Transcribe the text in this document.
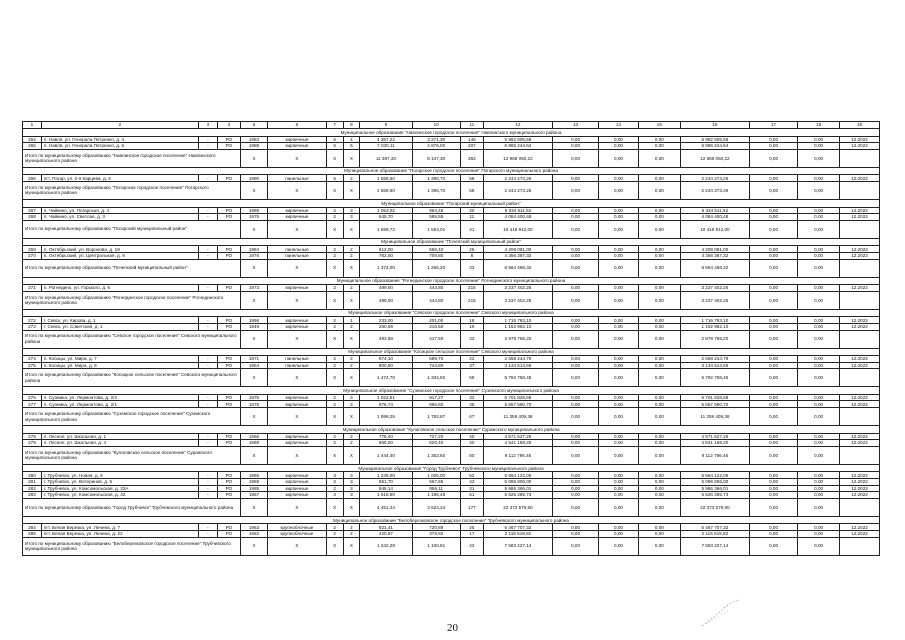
1	2	3	4	5	6	7	8	9	10	11	12	13	14	15	16	17	18	19
Муниципальное образование "Навлинское городское поселение" Навлинского муниципального района																		
264	п. Навля, ул. Генерала Петренко, д. 4	-	РО	1983	кирпичные	5	4	4 357,22	3 271,30	145	5 982 805,58	0,00	0,00	0,00	5 982 805,58	0,00	0,00	12.2022
265	п. Навля, ул. Генерала Петренко, д. 6	-	РО	1989	кирпичные	5	6	7 030,11	4 876,00	207	6 985 244,64	0,00	0,00	0,00	6 985 244,64	0,00	0,00	12.2022
Итого по муниципальному образованию "Навлинское городское поселение" Навлинского муниципального района				X	X	X	X	11 387,33	8 147,30	352	12 968 050,22	0,00	0,00	0,00	12 968 050,22	0,00	0,00	
Муниципальное образование "Погарское городское поселение" Погарского муниципального района																		
266	пгт. Погар, ул. 2-я Карцева, д. 3	-	РО	1990	панельные	5	2	1 558,60	1 396,70	58	2 244 273,26	0,00	0,00	0,00	2 244 273,26	0,00	0,00	12.2022
Итого по муниципальному образованию "Погарское городское поселение" Погарского муниципального района				X	X	X	X	1 558,60	1 396,70	58	2 244 273,26	0,00	0,00	0,00	2 244 273,26	0,00	0,00	
Муниципальное образование "Погарский муниципальный район"																		
267	п. Чайкино, ул. Погарская, д. 4	-	РО	1989	кирпичные	2	3	1 053,02	964,45	30	6 334 511,52	0,00	0,00	0,00	6 334 511,52	0,00	0,00	12.2022
268	п. Чайкино, ул. Светлая, д. 3	-	РО	1975	кирпичные	2	3	645,70	588,55	11	4 084 400,48	0,00	0,00	0,00	4 084 400,48	0,00	0,00	12.2022
Итого по муниципальному образованию "Погарский муниципальный район"				X	X	X	X	1 698,72	1 553,01	41	10 418 912,00	0,00	0,00	0,00	10 418 912,00	0,00	0,00	
Муниципальное образование "Почепский муниципальный район"																		
269	п. Октябрьский, ул. Воронова, д. 19	-	РО	1984	панельные	2	2	612,00	556,40	25	4 208 081,00	0,00	0,00	0,00	4 208 081,00	0,00	0,00	12.2022
270	п. Октябрьский, ул. Центральная, д. 9	-	РО	1976	панельные	2	2	762,00	709,80	8	4 356 387,32	0,00	0,00	0,00	4 356 387,32	0,00	0,00	12.2022
Итого по муниципальному образованию "Почепский муниципальный район"				X	X	X	X	1 374,00	1 266,20	33	8 564 468,32	0,00	0,00	0,00	8 564 468,32	0,00	0,00	
Муниципальное образование "Рогнединское городское поселение" Рогнединского муниципального района																		
271	п. Рогнедино, ул. Горького, д. 6	-	РО	1973	кирпичные	2	2	499,00	444,80	215	3 237 402,25	0,00	0,00	0,00	3 237 402,25	0,00	0,00	12.2022
Итого по муниципальному образованию "Рогнединское городское поселение" Рогнединского муниципального района				X	X	X	X	499,00	444,80	215	3 237 402,25	0,00	0,00	0,00	3 237 402,25	0,00	0,00	
Муниципальное образование "Севское городское поселение" Севского муниципального района																		
272	г. Севск, ул. Кирова, д. 1	-	РО	1956	кирпичные	2	1	233,00	201,00	16	1 716 783,10	0,00	0,00	0,00	1 716 783,10	0,00	0,00	12.2022
273	г. Севск, ул. Советская, д. 1	-	РО	1949	кирпичные	2	2	260,58	216,50	16	1 162 982,10	0,00	0,00	0,00	1 162 982,10	0,00	0,00	12.2022
Итого по муниципальному образованию "Севское городское поселение" Севского муниципального района				X	X	X	X	493,58	417,50	32	2 879 765,20	0,00	0,00	0,00	2 879 765,20	0,00	0,00	
Муниципальное образование "Косицкое сельское поселение" Севского муниципального района																		
274	п. Косицы, ул. Мира, д. 7	-	РО	1971	панельные	2	2	674,10	589,70	22	2 658 244,79	0,00	0,00	0,00	2 658 244,79	0,00	0,00	12.2022
275	п. Косицы, ул. Мира, д. 9	-	РО	1964	панельные	2	2	800,60	744,80	37	3 134 513,66	0,00	0,00	0,00	3 134 513,66	0,00	0,00	12.2022
Итого по муниципальному образованию "Косицкое сельское поселение" Севского муниципального района				X	X	X	X	1 474,70	1 334,50	59	5 792 758,45	0,00	0,00	0,00	5 792 758,45	0,00	0,00	
Муниципальное образование "Суземское городское поселение" Суземского муниципального района																		
276	п. Суземка, ул. Лермонтова, д. 2/2	-	РО	1975	кирпичные	2	3	1 022,51	917,27	32	5 701 828,68	0,00	0,00	0,00	5 701 828,68	0,00	0,00	12.2022
277	п. Суземка, ул. Лермонтова, д. 2/1	-	РО	1975	кирпичные	2	3	976,74	866,60	35	5 657 580,70	0,00	0,00	0,00	5 657 580,70	0,00	0,00	12.2022
Итого по муниципальному образованию "Суземское городское поселение" Суземского муниципального района				X	X	X	X	1 999,25	1 783,87	67	11 359 409,38	0,00	0,00	0,00	11 359 409,38	0,00	0,00	
Муниципальное образование "Кулаговское сельское поселение" Суражского муниципального района																		
278	п. Лесное, ул. Школьная, д. 1	-	РО	1966	кирпичные	2	2	778,40	727,20	40	4 571 627,26	0,00	0,00	0,00	4 571 627,26	0,00	0,00	12.2022
279	п. Лесное, ул. Школьная, д. 4	-	РО	1968	кирпичные	2	2	666,00	626,40	40	4 541 169,20	0,00	0,00	0,00	4 541 169,20	0,00	0,00	12.2022
Итого по муниципальному образованию "Кулаговское сельское поселение" Суражского муниципального района				X	X	X	X	1 444,40	1 353,60	80	9 112 796,46	0,00	0,00	0,00	9 112 796,46	0,00	0,00	
Муниципальное образование "Город Трубчевск" Трубчевского муниципального района																		
280	г. Трубчевск, ул. Новая, д. 8	-	РО	1966	кирпичные	3	3	1 236,00	1 005,00	52	5 664 122,06	0,00	0,00	0,00	5 664 122,06	0,00	0,00	12.2022
281	г. Трубчевск, ул. Ветеринов, д. 5	-	РО	1959	кирпичные	2	3	651,70	567,65	43	5 096 806,00	0,00	0,00	0,00	5 096 806,00	0,00	0,00	12.2022
282	г. Трубчевск, ул. Комсомольская, д. 33А	-	РО	1985	кирпичные	2	3	945,14	856,11	31	5 986 366,01	0,00	0,00	0,00	5 986 366,01	0,00	0,00	12.2022
283	г. Трубчевск, ул. Комсомольская, д. 42	-	РО	1967	кирпичные	3	3	1 618,60	1 195,48	51	5 626 285,73	0,00	0,00	0,00	5 626 285,73	0,00	0,00	12.2022
Итого по муниципальному образованию "Город Трубчевск" Трубчевского муниципального района				X	X	X	X	4 451,44	3 624,24	177	22 373 579,80	0,00	0,00	0,00	22 373 579,80	0,00	0,00	
Муниципальное образование "Белоберезковское городское поселение" Трубчевского муниципального района																		
284	пгт. Белая Березка, ул. Ленина, д. 7	-	РО	1963	крупноблочные	2	2	821,41	720,89	25	5 467 707,32	0,00	0,00	0,00	5 467 707,32	0,00	0,00	12.2022
285	пгт. Белая Березка, ул. Ленина, д. 22	-	РО	1962	крупноблочные	2	2	420,87	379,92	17	2 115 519,82	0,00	0,00	0,00	2 115 519,82	0,00	0,00	12.2022
Итого по муниципальному образованию "Белоберезковское городское поселение" Трубчевского муниципального района				X	X	X	X	1 242,28	1 100,81	42	7 583 227,14	0,00	0,00	0,00	7 583 227,14	0,00	0,00	
20
